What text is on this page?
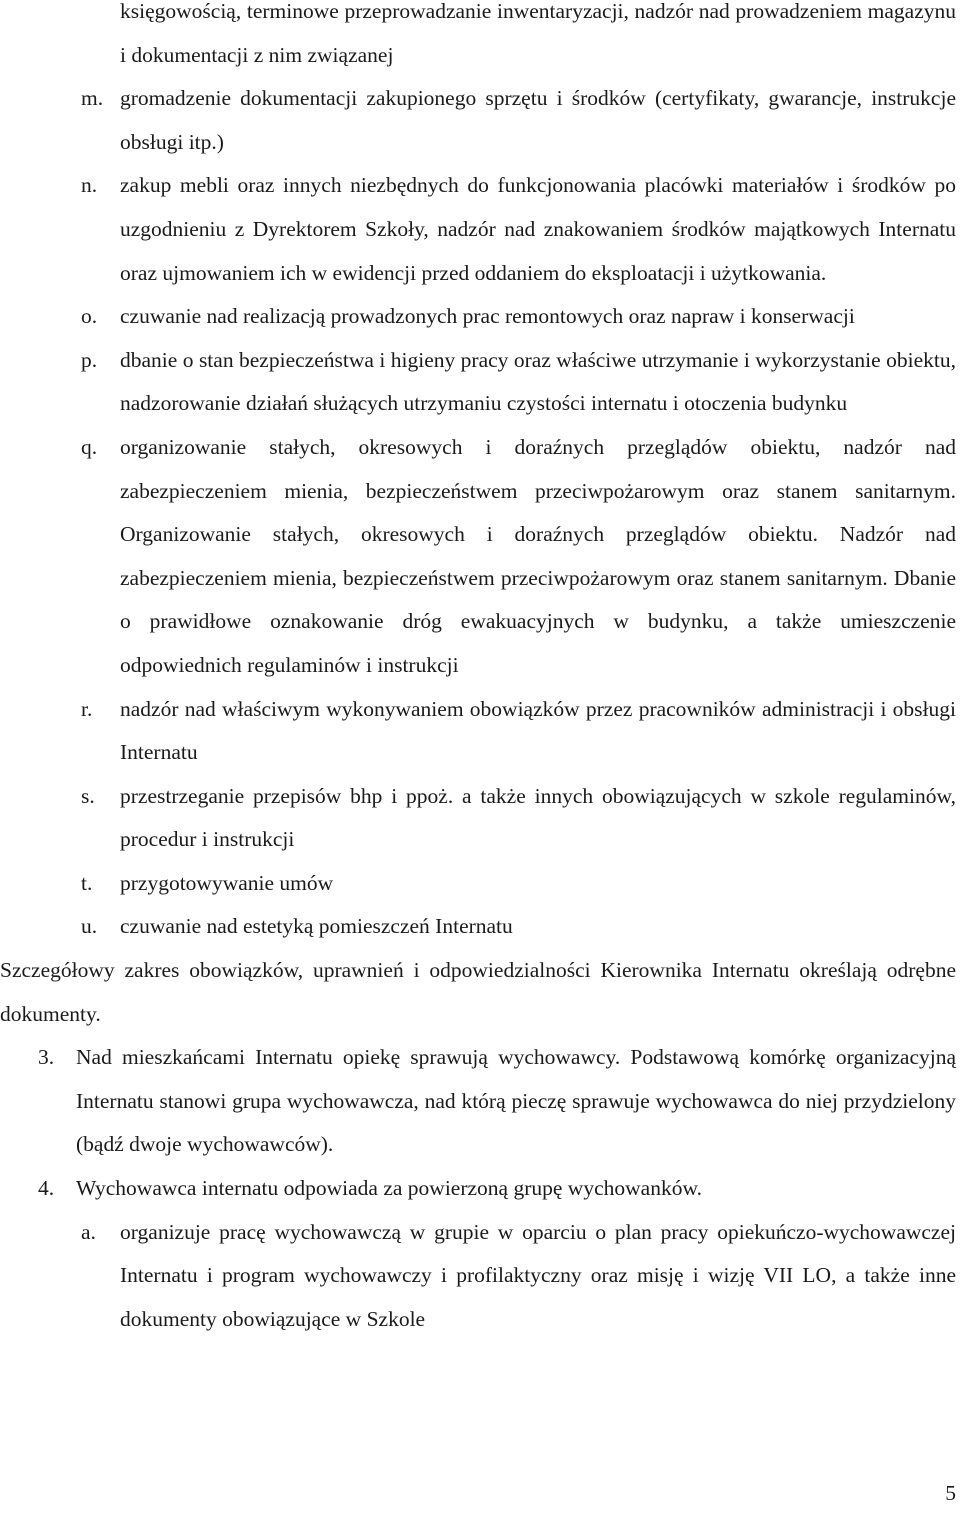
księgowością, terminowe przeprowadzanie inwentaryzacji, nadzór nad prowadzeniem magazynu i dokumentacji z nim związanej
m. gromadzenie dokumentacji zakupionego sprzętu i środków (certyfikaty, gwarancje, instrukcje obsługi itp.)
n. zakup mebli oraz innych niezbędnych do funkcjonowania placówki materiałów i środków po uzgodnieniu z Dyrektorem Szkoły, nadzór nad znakowaniem środków majątkowych Internatu oraz ujmowaniem ich w ewidencji przed oddaniem do eksploatacji i użytkowania.
o. czuwanie nad realizacją prowadzonych prac remontowych oraz napraw i konserwacji
p. dbanie o stan bezpieczeństwa i higieny pracy oraz właściwe utrzymanie i wykorzystanie obiektu, nadzorowanie działań służących utrzymaniu czystości internatu i otoczenia budynku
q. organizowanie stałych, okresowych i doraźnych przeglądów obiektu, nadzór nad zabezpieczeniem mienia, bezpieczeństwem przeciwpożarowym oraz stanem sanitarnym. Organizowanie stałych, okresowych i doraźnych przeglądów obiektu. Nadzór nad zabezpieczeniem mienia, bezpieczeństwem przeciwpożarowym oraz stanem sanitarnym. Dbanie o prawidłowe oznakowanie dróg ewakuacyjnych w budynku, a także umieszczenie odpowiednich regulaminów i instrukcji
r. nadzór nad właściwym wykonywaniem obowiązków przez pracowników administracji i obsługi Internatu
s. przestrzeganie przepisów bhp i ppoż. a także innych obowiązujących w szkole regulaminów, procedur i instrukcji
t. przygotowywanie umów
u. czuwanie nad estetyką pomieszczeń Internatu
Szczegółowy zakres obowiązków, uprawnień i odpowiedzialności Kierownika Internatu określają odrębne dokumenty.
3. Nad mieszkańcami Internatu opiekę sprawują wychowawcy. Podstawową komórkę organizacyjną Internatu stanowi grupa wychowawcza, nad którą pieczę sprawuje wychowawca do niej przydzielony (bądź dwoje wychowawców).
4. Wychowawca internatu odpowiada za powierzoną grupę wychowanków.
a. organizuje pracę wychowawczą w grupie w oparciu o plan pracy opiekuńczo-wychowawczej Internatu i program wychowawczy i profilaktyczny oraz misję i wizję VII LO, a także inne dokumenty obowiązujące w Szkole
5
